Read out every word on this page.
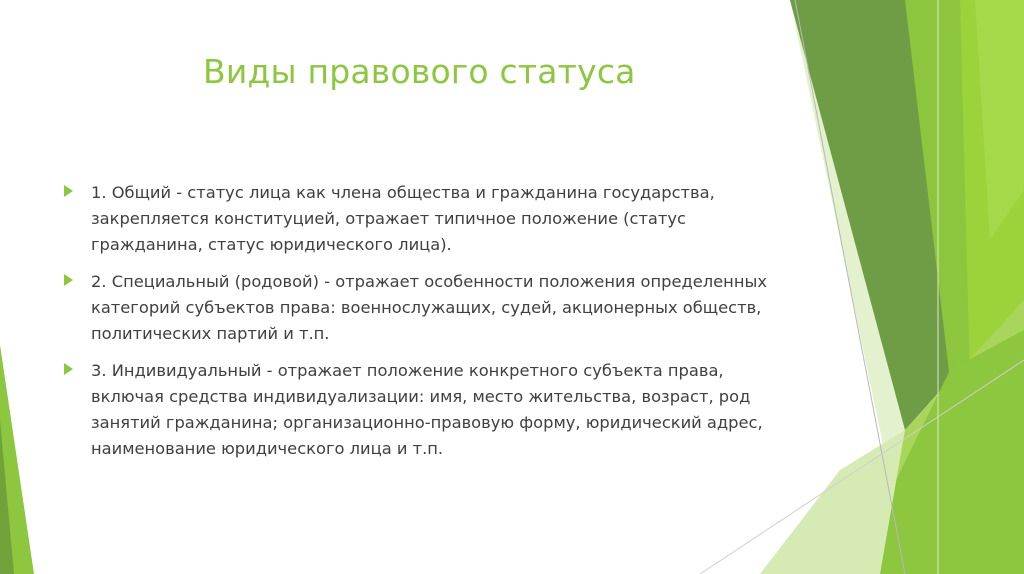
Виды правового статуса
1. Общий - статус лица как члена общества и гражданина государства, закрепляется конституцией, отражает типичное положение (статус гражданина, статус юридического лица).
2. Специальный (родовой) - отражает особенности положения определенных категорий субъектов права: военнослужащих, судей, акционерных обществ, политических партий и т.п.
3. Индивидуальный - отражает положение конкретного субъекта права, включая средства индивидуализации: имя, место жительства, возраст, род занятий гражданина; организационно-правовую форму, юридический адрес, наименование юридического лица и т.п.
